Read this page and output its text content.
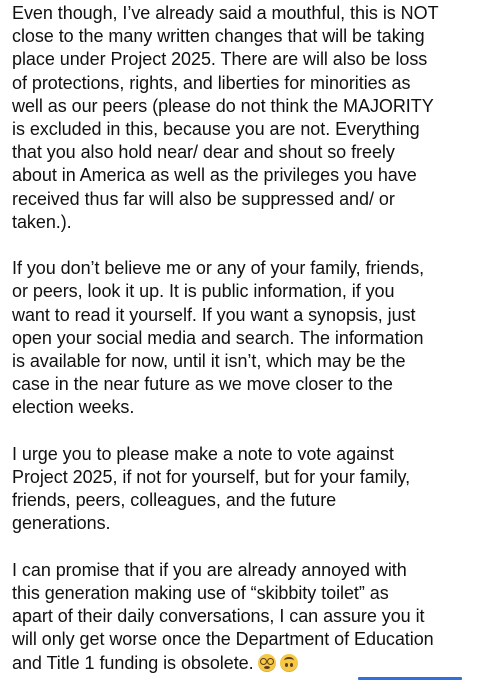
Even though, I’ve already said a mouthful, this is NOT
close to the many written changes that will be taking
place under Project 2025. There are will also be loss
of protections, rights, and liberties for minorities as
well as our peers (please do not think the MAJORITY
is excluded in this, because you are not. Everything
that you also hold near/ dear and shout so freely
about in America as well as the privileges you have
received thus far will also be suppressed and/ or
taken.).

If you don’t believe me or any of your family, friends,
or peers, look it up. It is public information, if you
want to read it yourself. If you want a synopsis, just
open your social media and search. The information
is available for now, until it isn’t, which may be the
case in the near future as we move closer to the
election weeks.

I urge you to please make a note to vote against
Project 2025, if not for yourself, but for your family,
friends, peers, colleagues, and the future
generations.

I can promise that if you are already annoyed with
this generation making use of “skibbity toilet” as
apart of their daily conversations, I can assure you it
will only get worse once the Department of Education
and Title 1 funding is obsolete.
